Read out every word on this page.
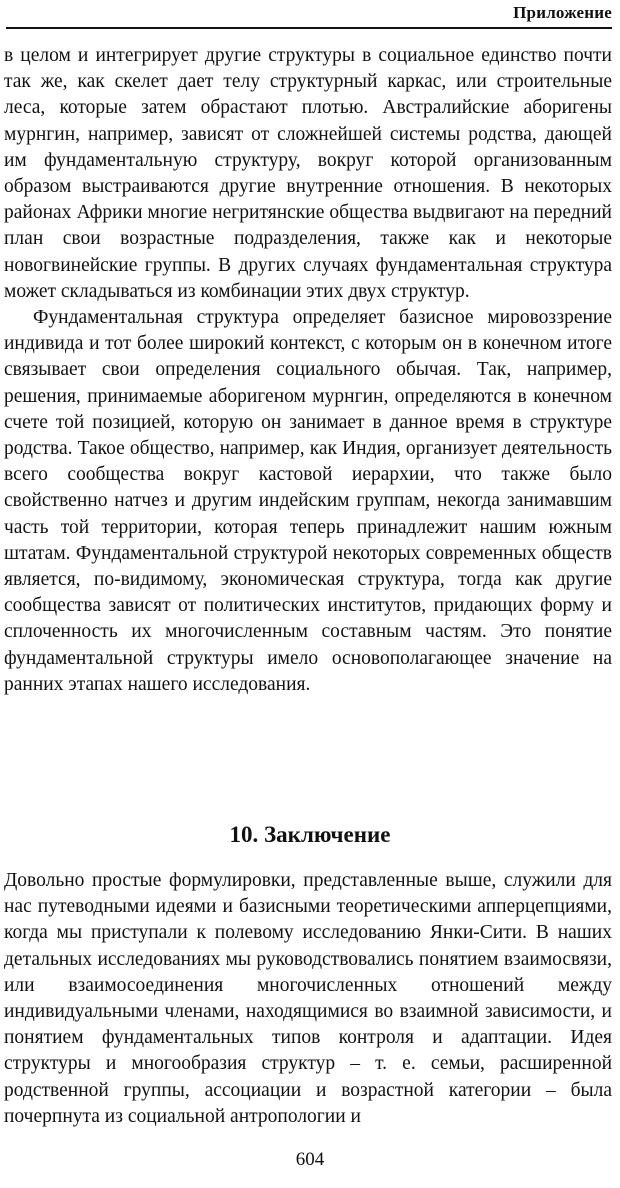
Приложение

в целом и интегрирует другие структуры в социальное единство почти так же, как скелет дает телу структурный каркас, или строительные леса, которые затем обрастают плотью. Австралийские аборигены мурнгин, например, зависят от сложнейшей системы родства, дающей им фундаментальную структуру, вокруг которой организованным образом выстраиваются другие внутренние отношения. В некоторых районах Африки многие негритянские общества выдвигают на передний план свои возрастные подразделения, также как и некоторые новогвинейские группы. В других случаях фундаментальная структура может складываться из комбинации этих двух структур.

Фундаментальная структура определяет базисное мировоззрение индивида и тот более широкий контекст, с которым он в конечном итоге связывает свои определения социального обычая. Так, например, решения, принимаемые аборигеном мурнгин, определяются в конечном счете той позицией, которую он занимает в данное время в структуре родства. Такое общество, например, как Индия, организует деятельность всего сообщества вокруг кастовой иерархии, что также было свойственно натчез и другим индейским группам, некогда занимавшим часть той территории, которая теперь принадлежит нашим южным штатам. Фундаментальной структурой некоторых современных обществ является, по-видимому, экономическая структура, тогда как другие сообщества зависят от политических институтов, придающих форму и сплоченность их многочисленным составным частям. Это понятие фундаментальной структуры имело основополагающее значение на ранних этапах нашего исследования.

10. Заключение

Довольно простые формулировки, представленные выше, служили для нас путеводными идеями и базисными теоретическими апперцепциями, когда мы приступали к полевому исследованию Янки-Сити. В наших детальных исследованиях мы руководствовались понятием взаимосвязи, или взаимосоединения многочисленных отношений между индивидуальными членами, находящимися во взаимной зависимости, и понятием фундаментальных типов контроля и адаптации. Идея структуры и многообразия структур – т. е. семьи, расширенной родственной группы, ассоциации и возрастной категории – была почерпнута из социальной антропологии и

604
